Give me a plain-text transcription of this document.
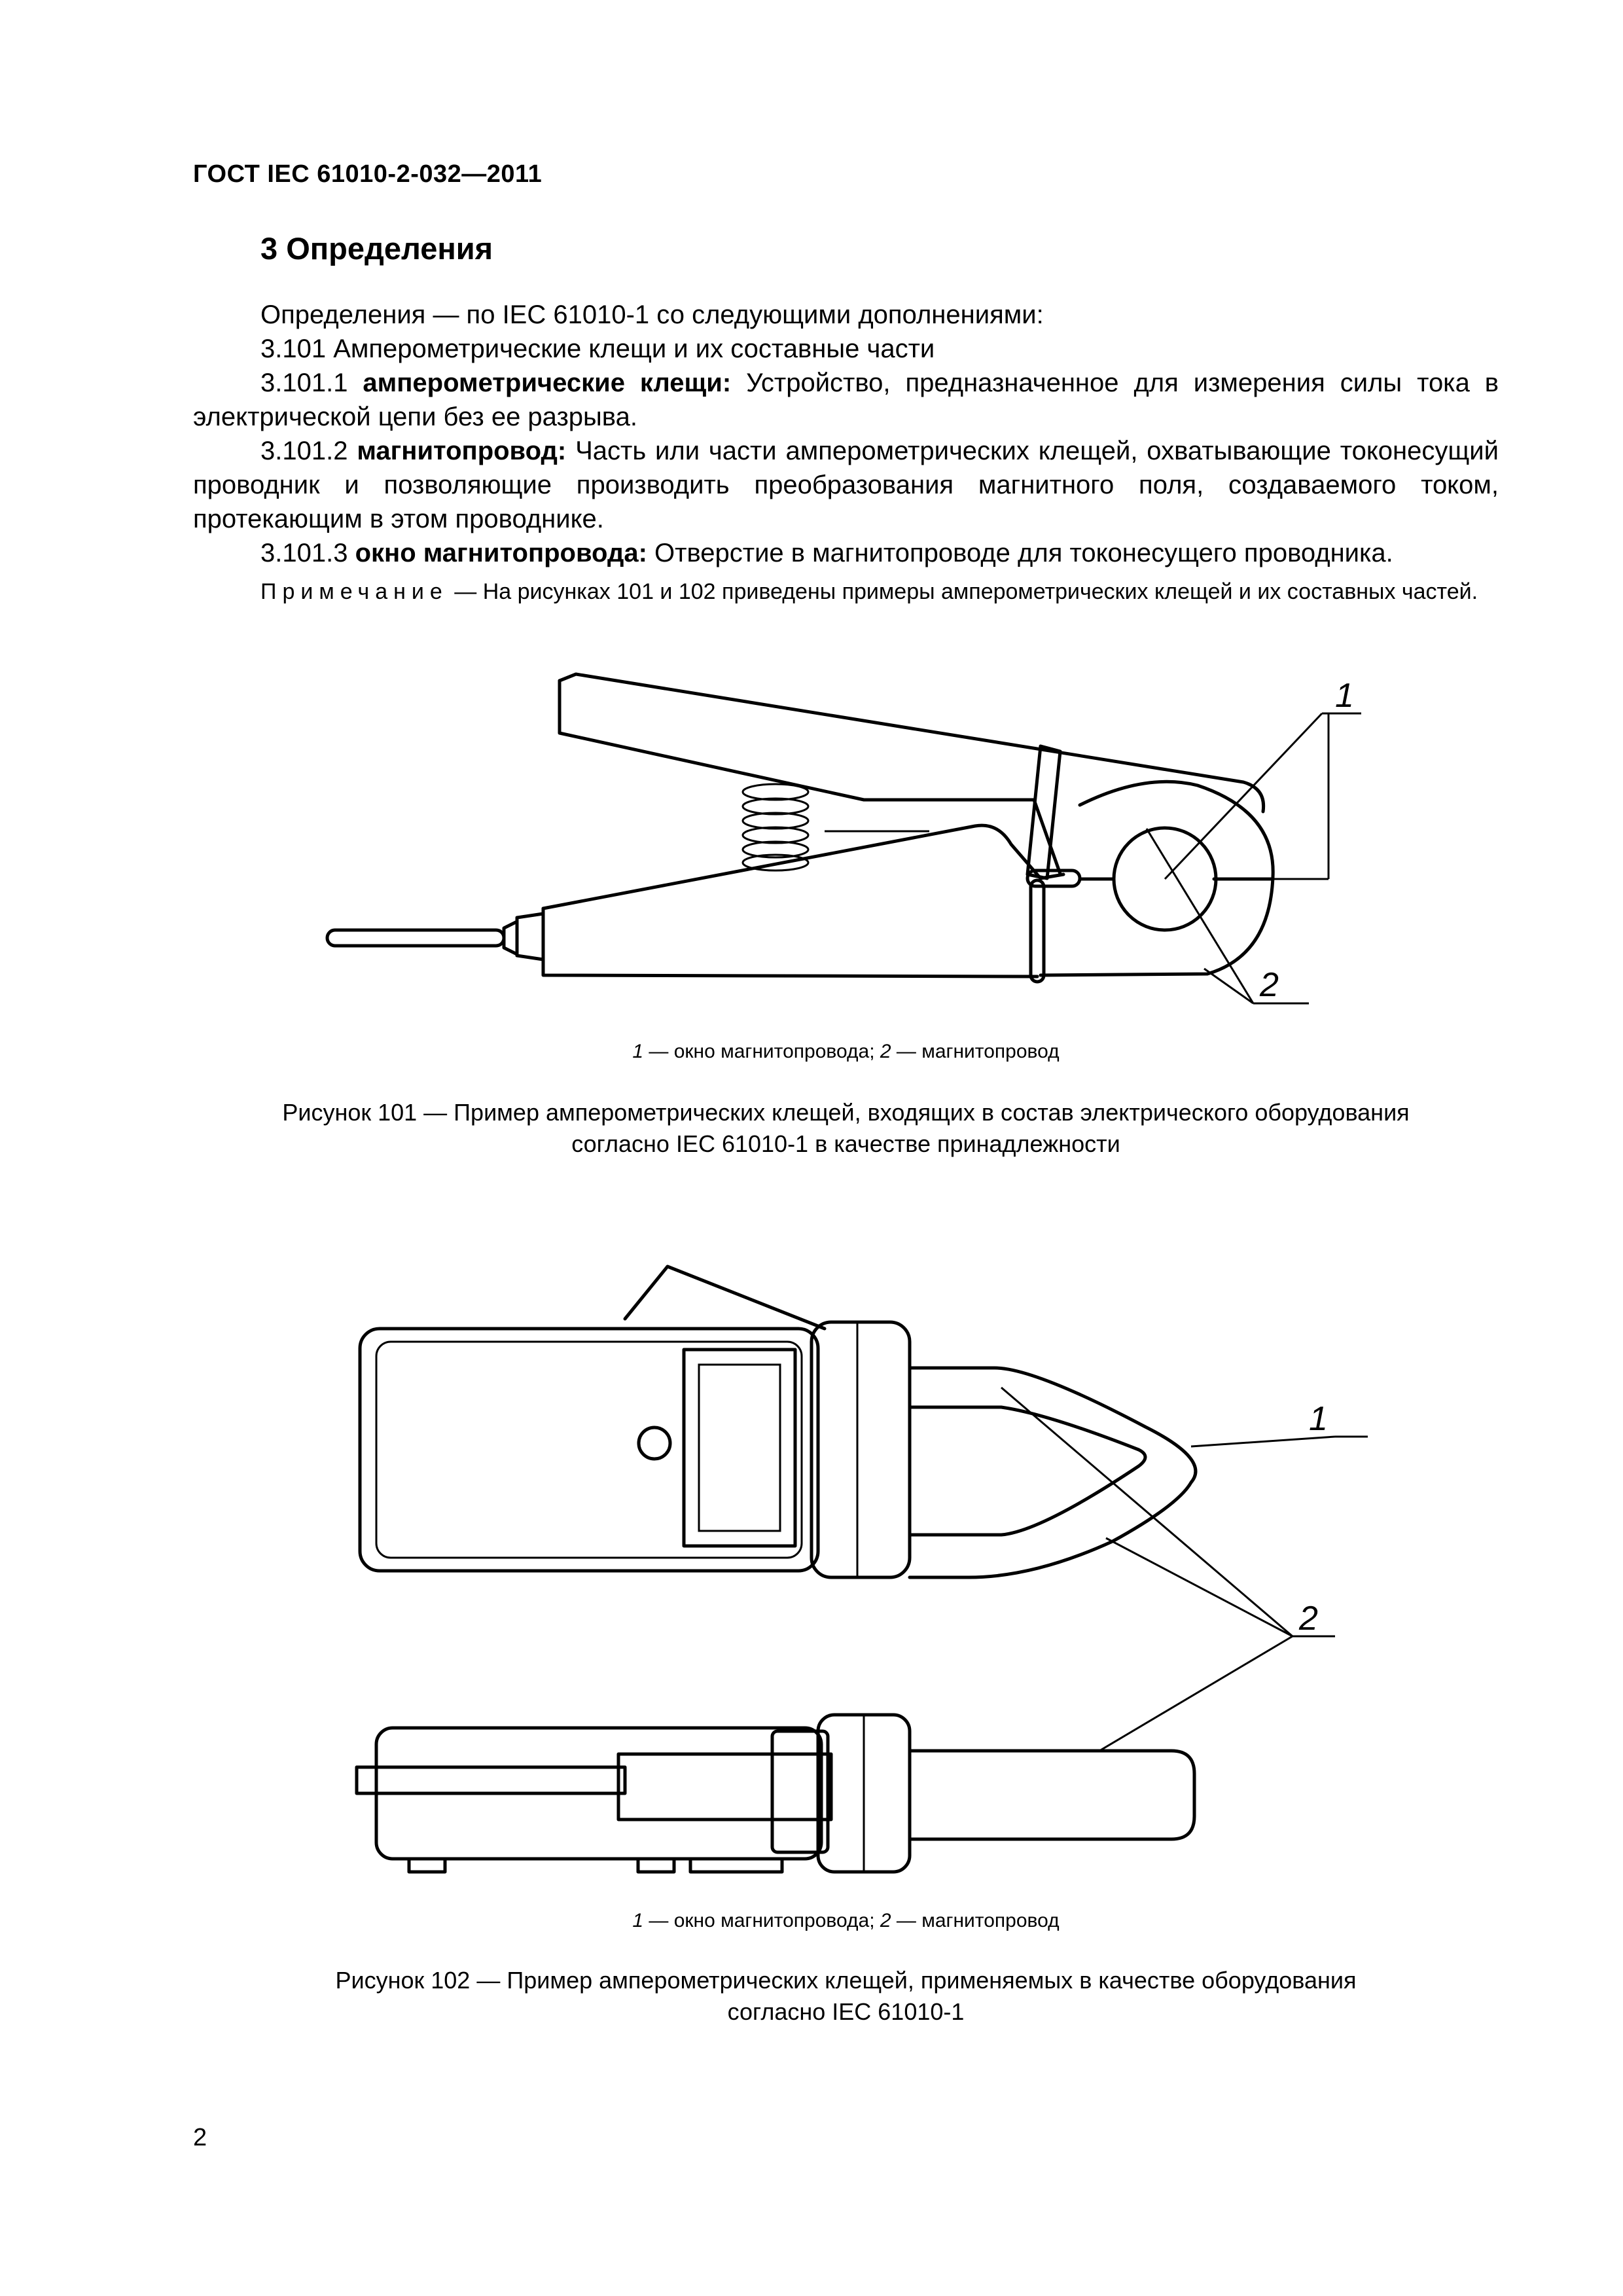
ГОСТ IEC 61010-2-032—2011
3 Определения
Определения — по IEC 61010-1 со следующими дополнениями:
3.101 Амперометрические клещи и их составные части
3.101.1 амперометрические клещи: Устройство, предназначенное для измерения силы тока в электрической цепи без ее разрыва.
3.101.2 магнитопровод: Часть или части амперометрических клещей, охватывающие токонесущий проводник и позволяющие производить преобразования магнитного поля, создаваемого током, протекающим в этом проводнике.
3.101.3 окно магнитопровода: Отверстие в магнитопроводе для токонесущего проводника.
Примечание — На рисунках 101 и 102 приведены примеры амперометрических клещей и их составных частей.
1
2
1
2
1 — окно магнитопровода; 2 — магнитопровод
Рисунок 101 — Пример амперометрических клещей, входящих в состав электрического оборудования
согласно IEC 61010-1 в качестве принадлежности
1 — окно магнитопровода; 2 — магнитопровод
Рисунок 102 — Пример амперометрических клещей, применяемых в качестве оборудования
согласно IEC 61010-1
2
